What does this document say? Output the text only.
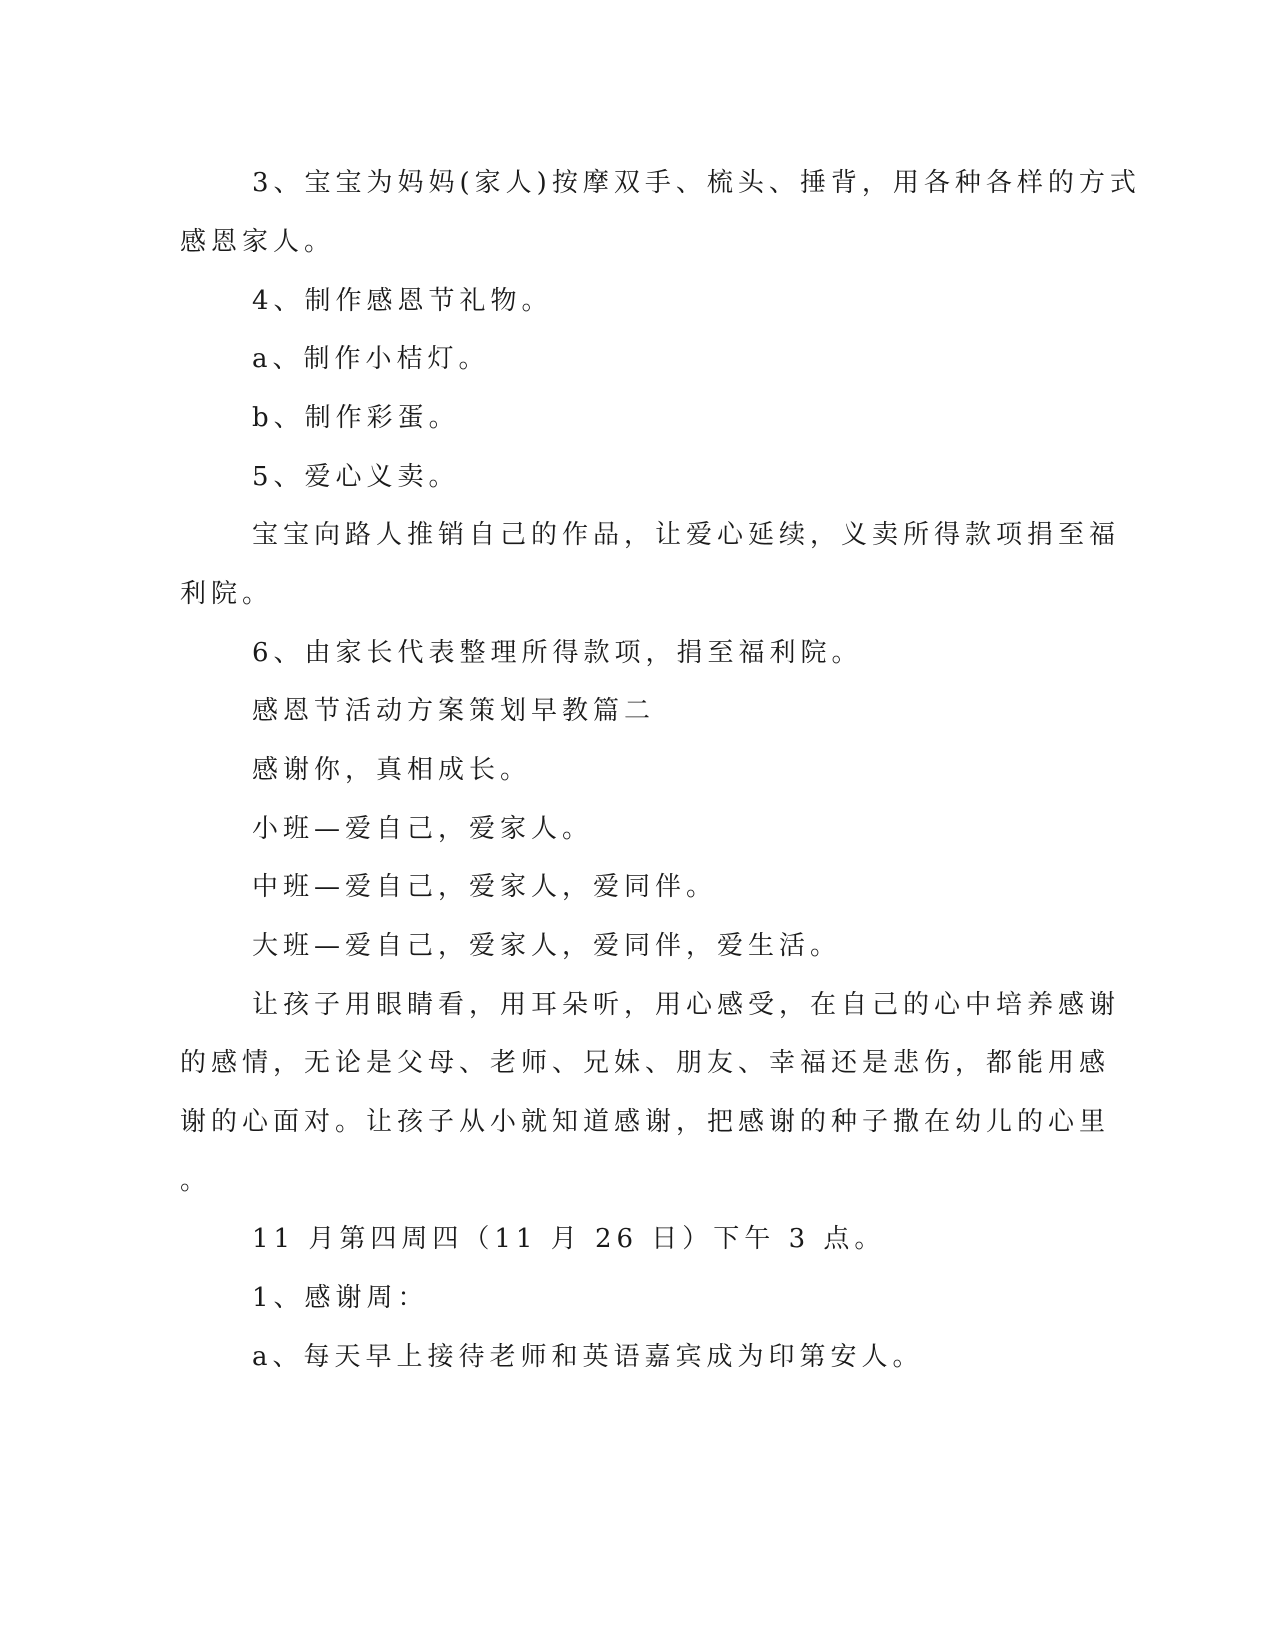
3、宝宝为妈妈(家人)按摩双手、梳头、捶背，用各种各样的方式

感恩家人。

4、制作感恩节礼物。

a、制作小桔灯。

b、制作彩蛋。

5、爱心义卖。

宝宝向路人推销自己的作品，让爱心延续，义卖所得款项捐至福

利院。

6、由家长代表整理所得款项，捐至福利院。

感恩节活动方案策划早教篇二

感谢你，真相成长。

小班—爱自己，爱家人。

中班—爱自己，爱家人，爱同伴。

大班—爱自己，爱家人，爱同伴，爱生活。

让孩子用眼睛看，用耳朵听，用心感受，在自己的心中培养感谢

的感情，无论是父母、老师、兄妹、朋友、幸福还是悲伤，都能用感

谢的心面对。让孩子从小就知道感谢，把感谢的种子撒在幼儿的心里

。

11 月第四周四（11 月 26 日）下午 3 点。

1、感谢周：

a、每天早上接待老师和英语嘉宾成为印第安人。
